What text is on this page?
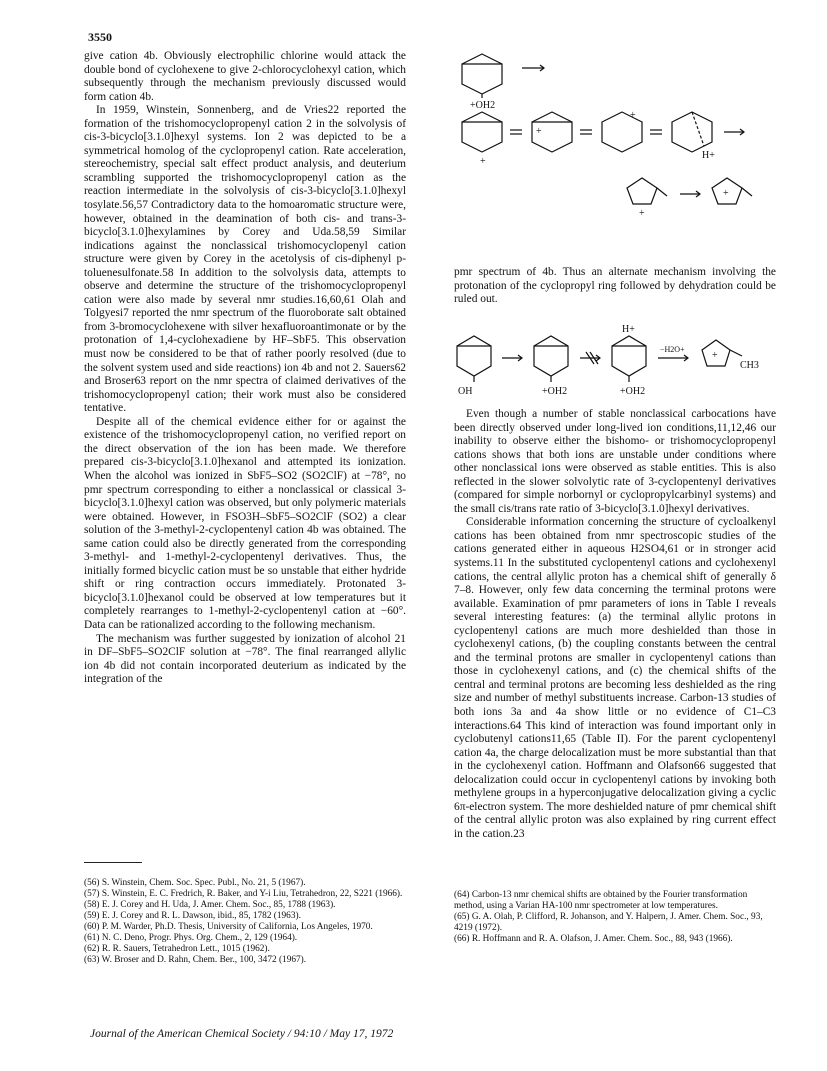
3550

give cation 4b. Obviously electrophilic chlorine would attack the double bond of cyclohexene to give 2-chlorocyclohexyl cation, which subsequently through the mechanism previously discussed would form cation 4b.

In 1959, Winstein, Sonnenberg, and de Vries22 reported the formation of the trishomocyclopropenyl cation 2 in the solvolysis of cis-3-bicyclo[3.1.0]hexyl systems. Ion 2 was depicted to be a symmetrical homolog of the cyclopropenyl cation. Rate acceleration, stereochemistry, special salt effect product analysis, and deuterium scrambling supported the trishomocyclopropenyl cation as the reaction intermediate in the solvolysis of cis-3-bicyclo[3.1.0]hexyl tosylate.56,57 Contradictory data to the homoaromatic structure were, however, obtained in the deamination of both cis- and trans-3-bicyclo[3.1.0]hexylamines by Corey and Uda.58,59 Similar indications against the nonclassical trishomocyclopenyl cation structure were given by Corey in the acetolysis of cis-diphenyl p-toluenesulfonate.58 In addition to the solvolysis data, attempts to observe and determine the structure of the trishomocyclopropenyl cation were also made by several nmr studies.16,60,61 Olah and Tolgyesi7 reported the nmr spectrum of the fluoroborate salt obtained from 3-bromocyclohexene with silver hexafluoroantimonate or by the protonation of 1,4-cyclohexadiene by HF–SbF5. This observation must now be considered to be that of rather poorly resolved (due to the solvent system used and side reactions) ion 4b and not 2. Sauers62 and Broser63 report on the nmr spectra of claimed derivatives of the trishomocyclopropenyl cation; their work must also be considered tentative.

Despite all of the chemical evidence either for or against the existence of the trishomocyclopropenyl cation, no verified report on the direct observation of the ion has been made. We therefore prepared cis-3-bicyclo[3.1.0]hexanol and attempted its ionization. When the alcohol was ionized in SbF5–SO2 (SO2ClF) at −78°, no pmr spectrum corresponding to either a nonclassical or classical 3-bicyclo[3.1.0]hexyl cation was observed, but only polymeric materials were obtained. However, in FSO3H–SbF5–SO2ClF (SO2) a clear solution of the 3-methyl-2-cyclopentenyl cation 4b was obtained. The same cation could also be directly generated from the corresponding 3-methyl- and 1-methyl-2-cyclopentenyl derivatives. Thus, the initially formed bicyclic cation must be so unstable that either hydride shift or ring contraction occurs immediately. Protonated 3-bicyclo[3.1.0]hexanol could be observed at low temperatures but it completely rearranges to 1-methyl-2-cyclopentenyl cation at −60°. Data can be rationalized according to the following mechanism.

The mechanism was further suggested by ionization of alcohol 21 in DF–SbF5–SO2ClF solution at −78°. The final rearranged allylic ion 4b did not contain incorporated deuterium as indicated by the integration of the

+OH2
+
+
+
H+
+
+

pmr spectrum of 4b. Thus an alternate mechanism involving the protonation of the cyclopropyl ring followed by dehydration could be ruled out.

H+
OH	+OH2	+OH2
−H2O+
+
CH3

Even though a number of stable nonclassical carbocations have been directly observed under long-lived ion conditions,11,12,46 our inability to observe either the bishomo- or trishomocyclopropenyl cations shows that both ions are unstable under conditions where other nonclassical ions were observed as stable entities. This is also reflected in the slower solvolytic rate of 3-cyclopentenyl derivatives (compared for simple norbornyl or cyclopropylcarbinyl systems) and the small cis/trans rate ratio of 3-bicyclo[3.1.0]hexyl derivatives.

Considerable information concerning the structure of cycloalkenyl cations has been obtained from nmr spectroscopic studies of the cations generated either in aqueous H2SO4,61 or in stronger acid systems.11 In the substituted cyclopentenyl cations and cyclohexenyl cations, the central allylic proton has a chemical shift of generally δ 7–8. However, only few data concerning the terminal protons were available. Examination of pmr parameters of ions in Table I reveals several interesting features: (a) the terminal allylic protons in cyclopentenyl cations are much more deshielded than those in cyclohexenyl cations, (b) the coupling constants between the central and the terminal protons are smaller in cyclopentenyl cations than those in cyclohexenyl cations, and (c) the chemical shifts of the central and terminal protons are becoming less deshielded as the ring size and number of methyl substituents increase. Carbon-13 studies of both ions 3a and 4a show little or no evidence of C1–C3 interactions.64 This kind of interaction was found important only in cyclobutenyl cations11,65 (Table II). For the parent cyclopentenyl cation 4a, the charge delocalization must be more substantial than that in the cyclohexenyl cation. Hoffmann and Olafson66 suggested that delocalization could occur in cyclopentenyl cations by invoking both methylene groups in a hyperconjugative delocalization giving a cyclic 6π-electron system. The more deshielded nature of pmr chemical shift of the central allylic proton was also explained by ring current effect in the cation.23

(56) S. Winstein, Chem. Soc. Spec. Publ., No. 21, 5 (1967).
(57) S. Winstein, E. C. Fredrich, R. Baker, and Y-i Liu, Tetrahedron, 22, S221 (1966).
(58) E. J. Corey and H. Uda, J. Amer. Chem. Soc., 85, 1788 (1963).
(59) E. J. Corey and R. L. Dawson, ibid., 85, 1782 (1963).
(60) P. M. Warder, Ph.D. Thesis, University of California, Los Angeles, 1970.
(61) N. C. Deno, Progr. Phys. Org. Chem., 2, 129 (1964).
(62) R. R. Sauers, Tetrahedron Lett., 1015 (1962).
(63) W. Broser and D. Rahn, Chem. Ber., 100, 3472 (1967).
(64) Carbon-13 nmr chemical shifts are obtained by the Fourier transformation method, using a Varian HA-100 nmr spectrometer at low temperatures.
(65) G. A. Olah, P. Clifford, R. Johanson, and Y. Halpern, J. Amer. Chem. Soc., 93, 4219 (1972).
(66) R. Hoffmann and R. A. Olafson, J. Amer. Chem. Soc., 88, 943 (1966).
Journal of the American Chemical Society / 94:10 / May 17, 1972
